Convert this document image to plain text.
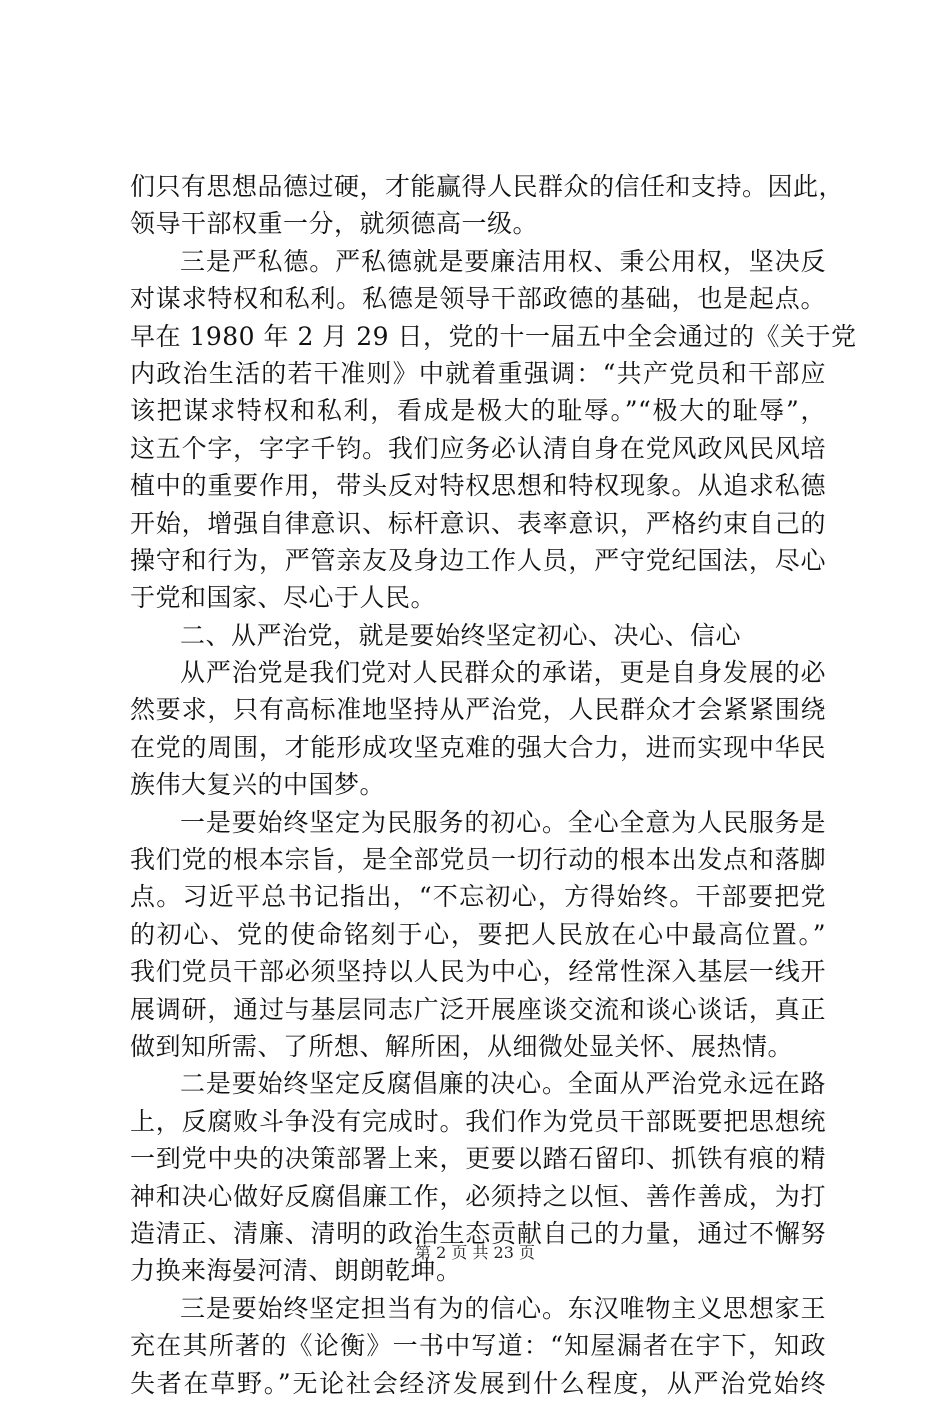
们只有思想品德过硬，才能赢得人民群众的信任和支持。因此，
领导干部权重一分，就须德高一级。
三是严私德。严私德就是要廉洁用权、秉公用权，坚决反
对谋求特权和私利。私德是领导干部政德的基础，也是起点。
早在 1980 年 2 月 29 日，党的十一届五中全会通过的《关于党
内政治生活的若干准则》中就着重强调：“共产党员和干部应
该把谋求特权和私利，看成是极大的耻辱。”“极大的耻辱”，
这五个字，字字千钧。我们应务必认清自身在党风政风民风培
植中的重要作用，带头反对特权思想和特权现象。从追求私德
开始，增强自律意识、标杆意识、表率意识，严格约束自己的
操守和行为，严管亲友及身边工作人员，严守党纪国法，尽心
于党和国家、尽心于人民。
二、从严治党，就是要始终坚定初心、决心、信心
从严治党是我们党对人民群众的承诺，更是自身发展的必
然要求，只有高标准地坚持从严治党，人民群众才会紧紧围绕
在党的周围，才能形成攻坚克难的强大合力，进而实现中华民
族伟大复兴的中国梦。
一是要始终坚定为民服务的初心。全心全意为人民服务是
我们党的根本宗旨，是全部党员一切行动的根本出发点和落脚
点。习近平总书记指出，“不忘初心，方得始终。干部要把党
的初心、党的使命铭刻于心，要把人民放在心中最高位置。”
我们党员干部必须坚持以人民为中心，经常性深入基层一线开
展调研，通过与基层同志广泛开展座谈交流和谈心谈话，真正
做到知所需、了所想、解所困，从细微处显关怀、展热情。
二是要始终坚定反腐倡廉的决心。全面从严治党永远在路
上，反腐败斗争没有完成时。我们作为党员干部既要把思想统
一到党中央的决策部署上来，更要以踏石留印、抓铁有痕的精
神和决心做好反腐倡廉工作，必须持之以恒、善作善成，为打
造清正、清廉、清明的政治生态贡献自己的力量，通过不懈努
力换来海晏河清、朗朗乾坤。
三是要始终坚定担当有为的信心。东汉唯物主义思想家王
充在其所著的《论衡》一书中写道：“知屋漏者在宇下，知政
失者在草野。”无论社会经济发展到什么程度，从严治党始终
第 2 页 共 23 页
